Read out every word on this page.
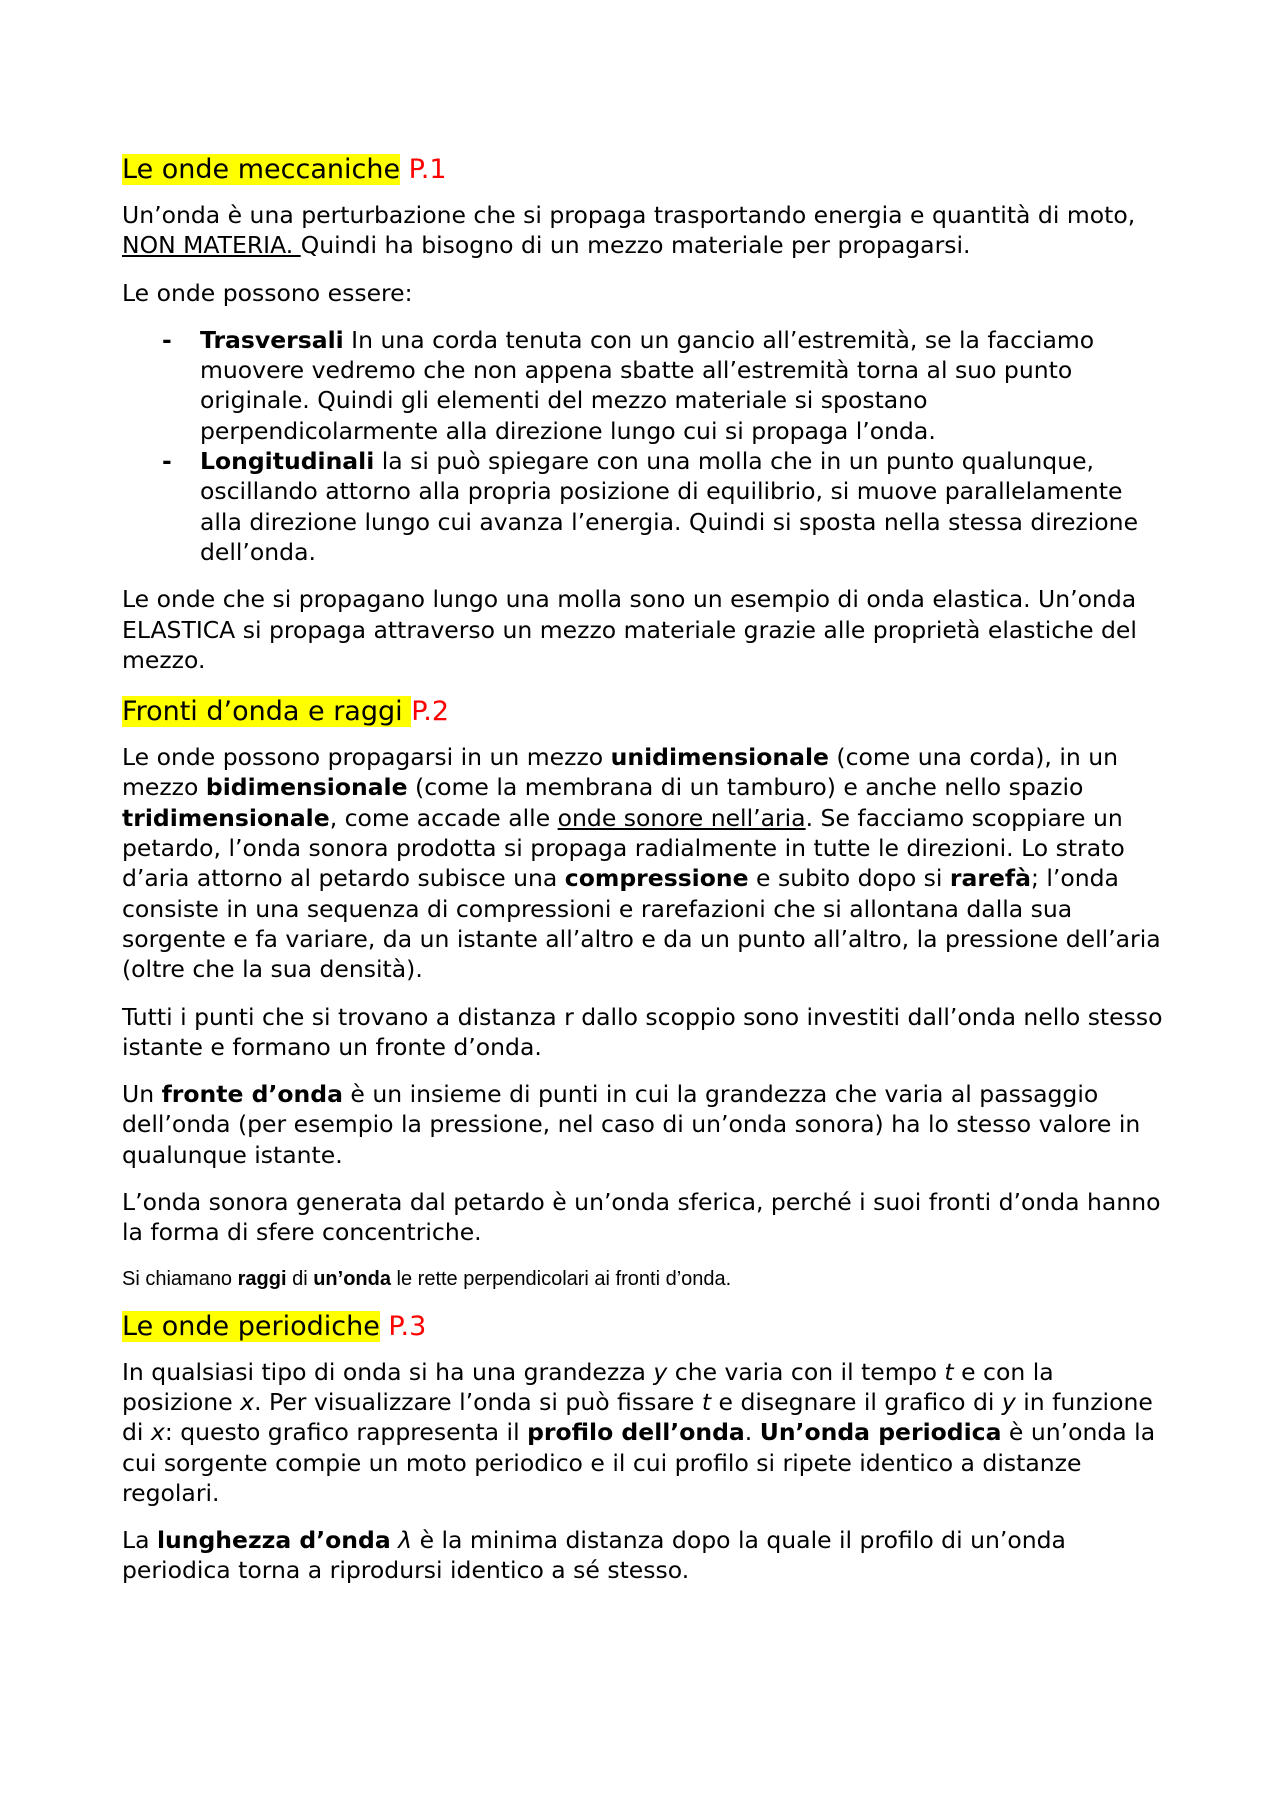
Le onde meccaniche P.1

Un’onda è una perturbazione che si propaga trasportando energia e quantità di moto, NON MATERIA. Quindi ha bisogno di un mezzo materiale per propagarsi.

Le onde possono essere:

- Trasversali In una corda tenuta con un gancio all’estremità, se la facciamo muovere vedremo che non appena sbatte all’estremità torna al suo punto originale. Quindi gli elementi del mezzo materiale si spostano perpendicolarmente alla direzione lungo cui si propaga l’onda.
- Longitudinali la si può spiegare con una molla che in un punto qualunque, oscillando attorno alla propria posizione di equilibrio, si muove parallelamente alla direzione lungo cui avanza l’energia. Quindi si sposta nella stessa direzione dell’onda.

Le onde che si propagano lungo una molla sono un esempio di onda elastica. Un’onda ELASTICA si propaga attraverso un mezzo materiale grazie alle proprietà elastiche del mezzo.

Fronti d’onda e raggi P.2

Le onde possono propagarsi in un mezzo unidimensionale (come una corda), in un mezzo bidimensionale (come la membrana di un tamburo) e anche nello spazio tridimensionale, come accade alle onde sonore nell’aria. Se facciamo scoppiare un petardo, l’onda sonora prodotta si propaga radialmente in tutte le direzioni. Lo strato d’aria attorno al petardo subisce una compressione e subito dopo si rarefà; l’onda consiste in una sequenza di compressioni e rarefazioni che si allontana dalla sua sorgente e fa variare, da un istante all’altro e da un punto all’altro, la pressione dell’aria (oltre che la sua densità).

Tutti i punti che si trovano a distanza r dallo scoppio sono investiti dall’onda nello stesso istante e formano un fronte d’onda.

Un fronte d’onda è un insieme di punti in cui la grandezza che varia al passaggio dell’onda (per esempio la pressione, nel caso di un’onda sonora) ha lo stesso valore in qualunque istante.

L’onda sonora generata dal petardo è un’onda sferica, perché i suoi fronti d’onda hanno la forma di sfere concentriche.

Si chiamano raggi di un’onda le rette perpendicolari ai fronti d’onda.

Le onde periodiche P.3

In qualsiasi tipo di onda si ha una grandezza y che varia con il tempo t e con la posizione x. Per visualizzare l’onda si può fissare t e disegnare il grafico di y in funzione di x: questo grafico rappresenta il profilo dell’onda. Un’onda periodica è un’onda la cui sorgente compie un moto periodico e il cui profilo si ripete identico a distanze regolari.

La lunghezza d’onda λ è la minima distanza dopo la quale il profilo di un’onda periodica torna a riprodursi identico a sé stesso.
